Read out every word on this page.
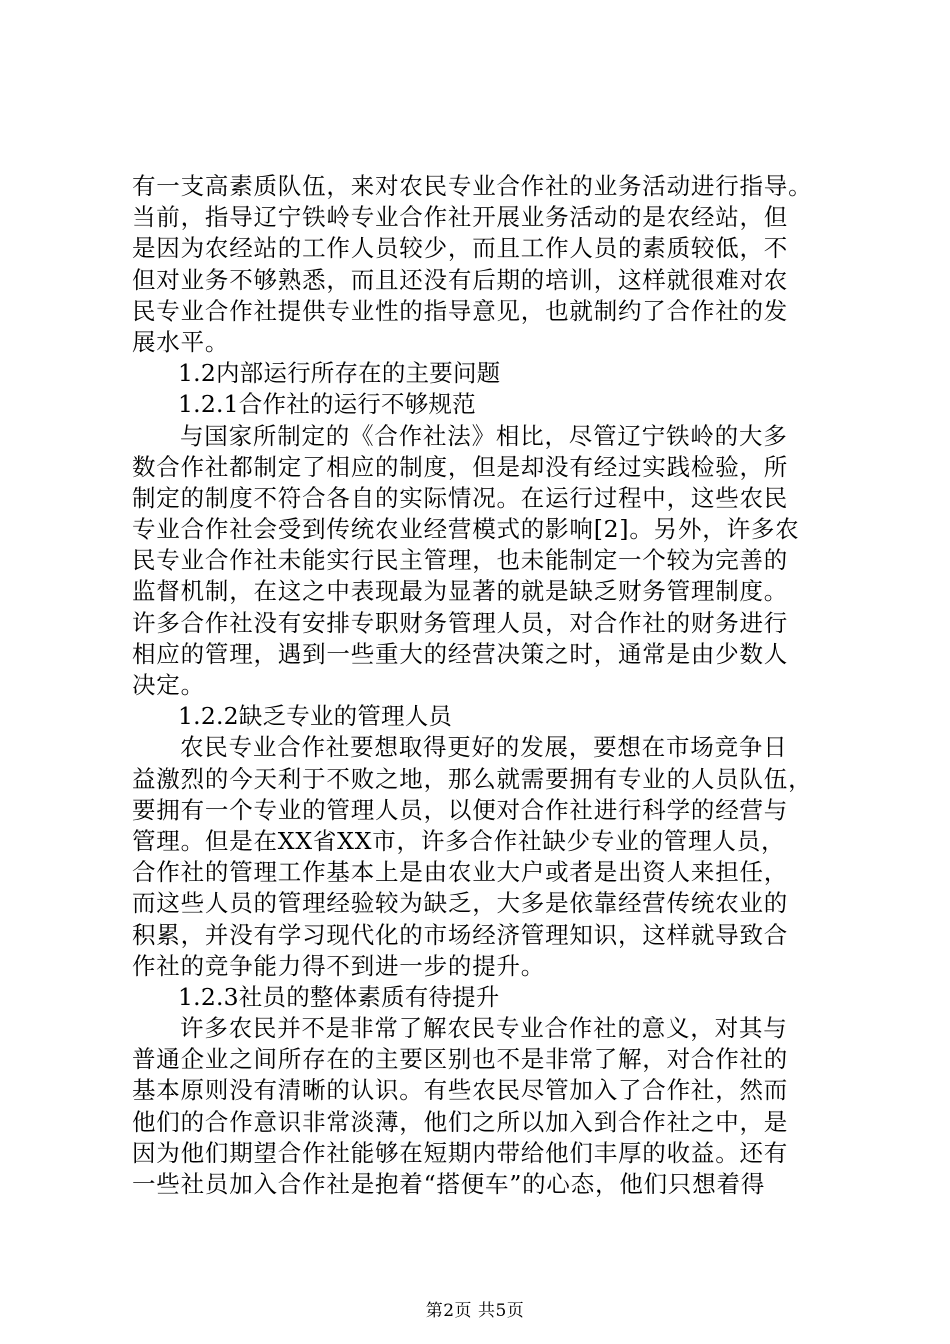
有一支高素质队伍，来对农民专业合作社的业务活动进行指导。
当前，指导辽宁铁岭专业合作社开展业务活动的是农经站，但
是因为农经站的工作人员较少，而且工作人员的素质较低，不
但对业务不够熟悉，而且还没有后期的培训，这样就很难对农
民专业合作社提供专业性的指导意见，也就制约了合作社的发
展水平。
1.2内部运行所存在的主要问题
1.2.1合作社的运行不够规范
与国家所制定的《合作社法》相比，尽管辽宁铁岭的大多
数合作社都制定了相应的制度，但是却没有经过实践检验，所
制定的制度不符合各自的实际情况。在运行过程中，这些农民
专业合作社会受到传统农业经营模式的影响[2]。另外，许多农
民专业合作社未能实行民主管理，也未能制定一个较为完善的
监督机制，在这之中表现最为显著的就是缺乏财务管理制度。
许多合作社没有安排专职财务管理人员，对合作社的财务进行
相应的管理，遇到一些重大的经营决策之时，通常是由少数人
决定。
1.2.2缺乏专业的管理人员
农民专业合作社要想取得更好的发展，要想在市场竞争日
益激烈的今天利于不败之地，那么就需要拥有专业的人员队伍，
要拥有一个专业的管理人员，以便对合作社进行科学的经营与
管理。但是在XX省XX市，许多合作社缺少专业的管理人员，
合作社的管理工作基本上是由农业大户或者是出资人来担任，
而这些人员的管理经验较为缺乏，大多是依靠经营传统农业的
积累，并没有学习现代化的市场经济管理知识，这样就导致合
作社的竞争能力得不到进一步的提升。
1.2.3社员的整体素质有待提升
许多农民并不是非常了解农民专业合作社的意义，对其与
普通企业之间所存在的主要区别也不是非常了解，对合作社的
基本原则没有清晰的认识。有些农民尽管加入了合作社，然而
他们的合作意识非常淡薄，他们之所以加入到合作社之中，是
因为他们期望合作社能够在短期内带给他们丰厚的收益。还有
一些社员加入合作社是抱着“搭便车”的心态，他们只想着得
第2页 共5页
